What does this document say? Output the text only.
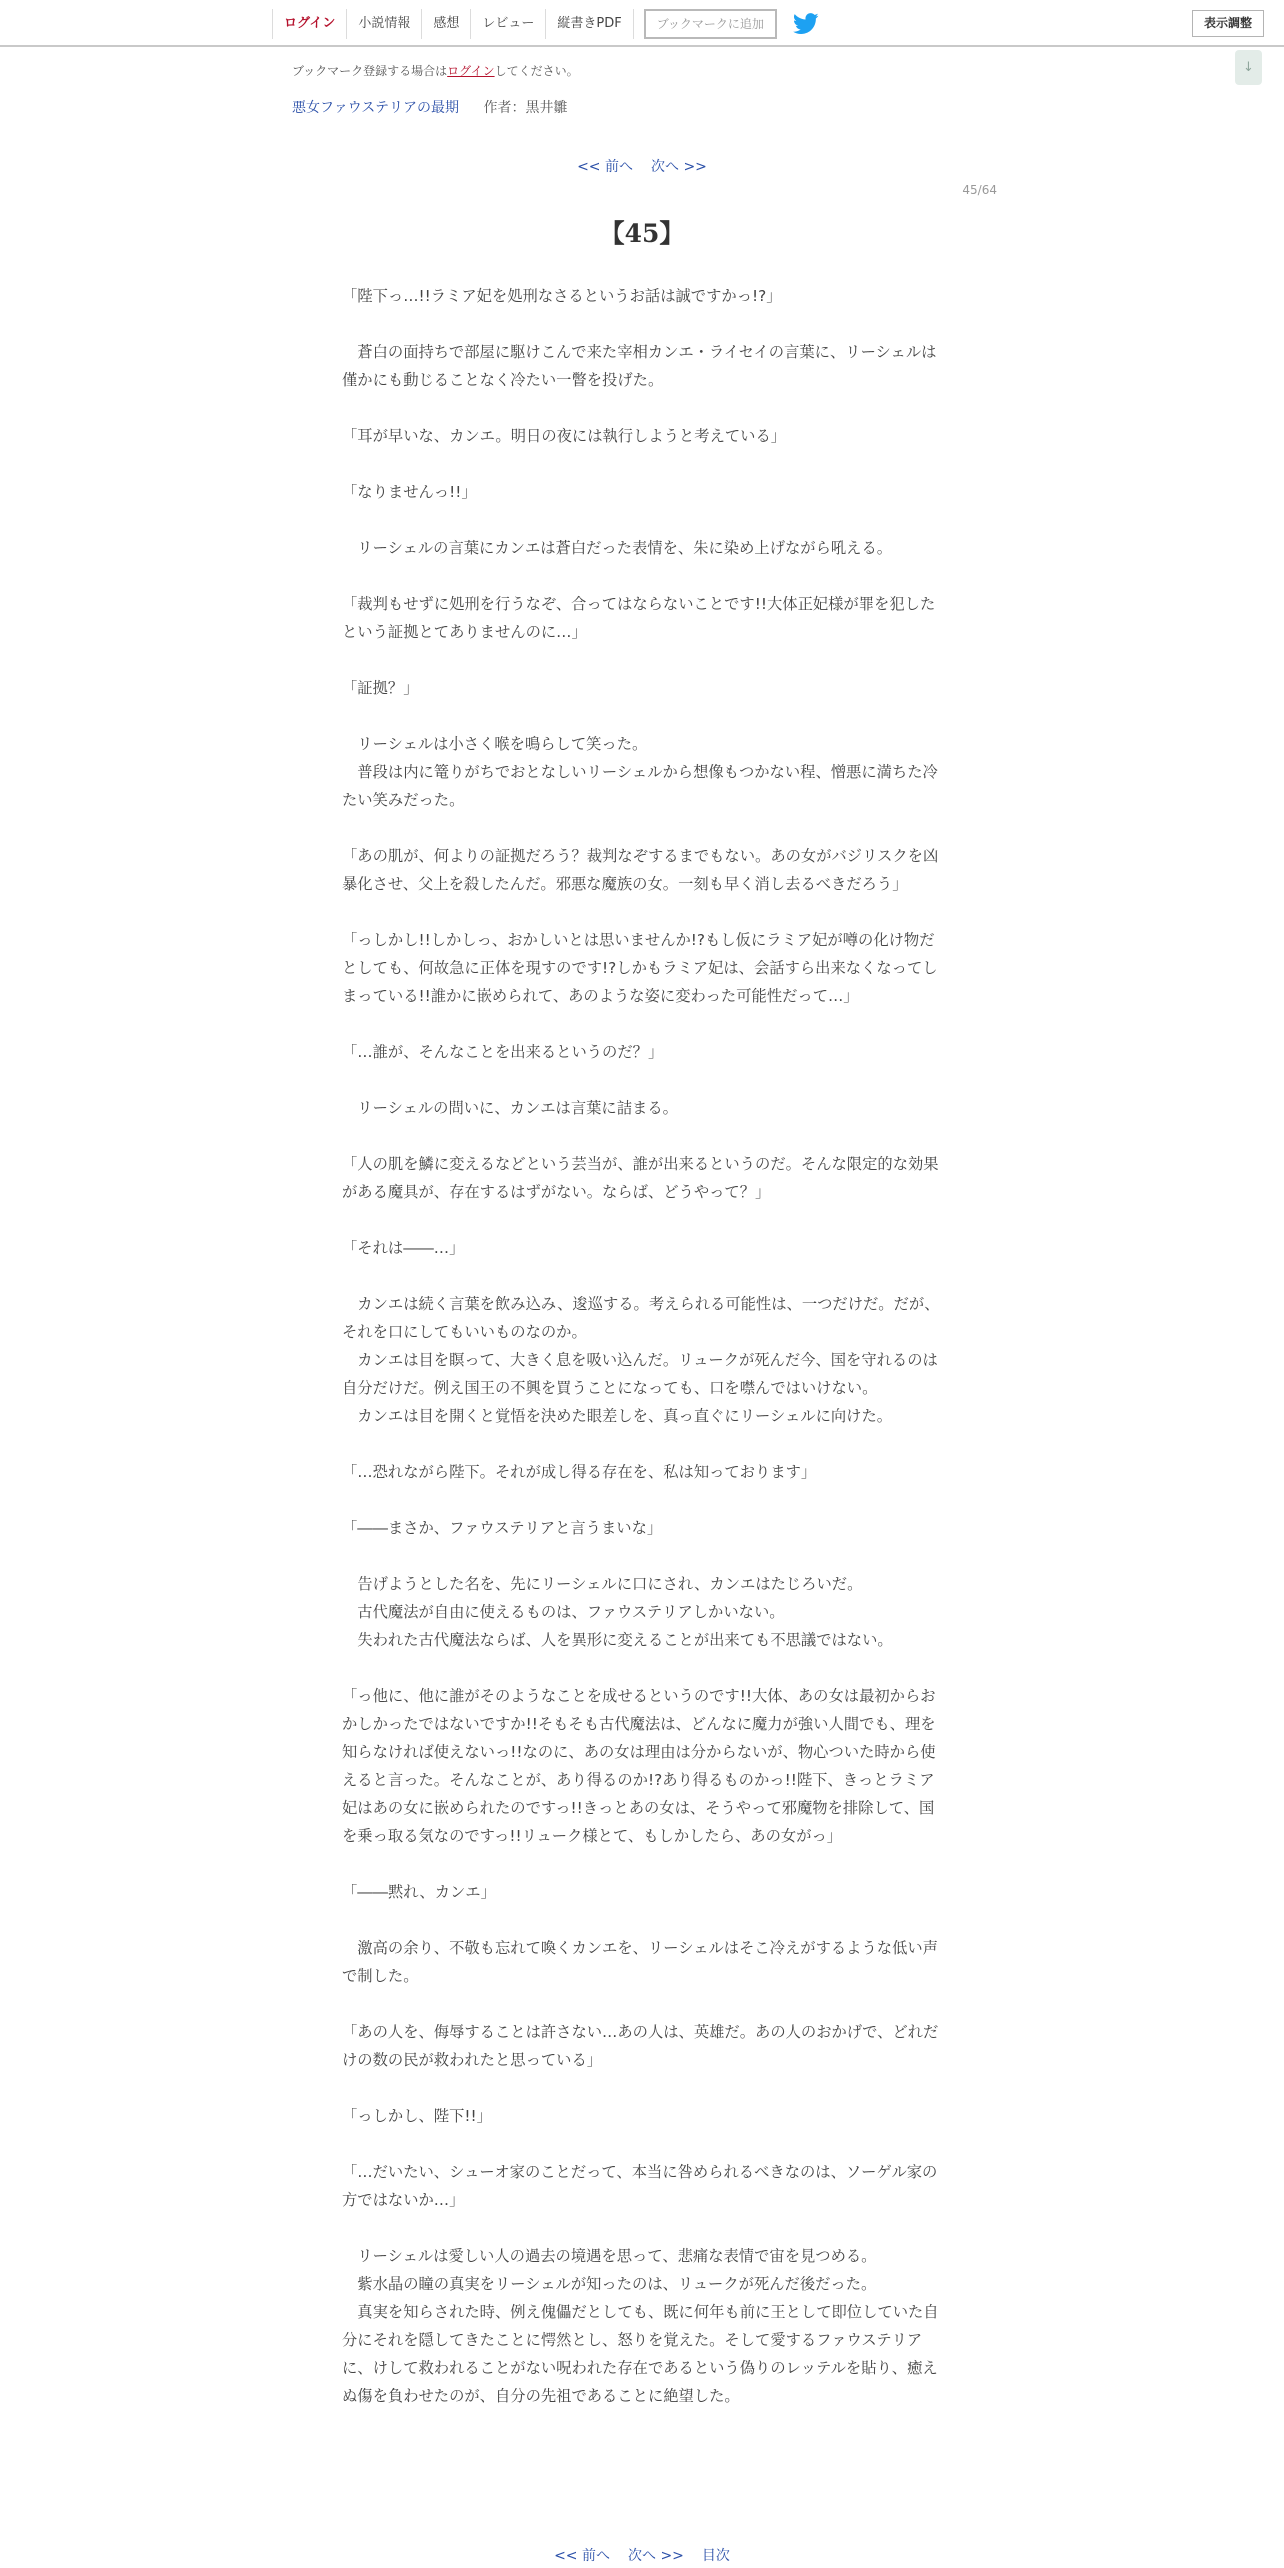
ログイン	小説情報	感想	レビュー	縦書きPDF	ブックマークに追加	表示調整
↓
ブックマーク登録する場合はログインしてください。
悪女ファウステリアの最期 作者：黒井雛
<< 前へ 次へ >>
45/64
【45】
「陛下っ…!!ラミア妃を処刑なさるというお話は誠ですかっ!?」
　蒼白の面持ちで部屋に駆けこんで来た宰相カンエ・ライセイの言葉に、リーシェルは僅かにも動じることなく冷たい一瞥を投げた。
「耳が早いな、カンエ。明日の夜には執行しようと考えている」
「なりませんっ!!」
　リーシェルの言葉にカンエは蒼白だった表情を、朱に染め上げながら吼える。
「裁判もせずに処刑を行うなぞ、合ってはならないことです!!大体正妃様が罪を犯したという証拠とてありませんのに…」
「証拠？」
　リーシェルは小さく喉を鳴らして笑った。
　普段は内に篭りがちでおとなしいリーシェルから想像もつかない程、憎悪に満ちた冷たい笑みだった。
「あの肌が、何よりの証拠だろう？裁判なぞするまでもない。あの女がバジリスクを凶暴化させ、父上を殺したんだ。邪悪な魔族の女。一刻も早く消し去るべきだろう」
「っしかし!!しかしっ、おかしいとは思いませんか!?もし仮にラミア妃が噂の化け物だとしても、何故急に正体を現すのです!?しかもラミア妃は、会話すら出来なくなってしまっている!!誰かに嵌められて、あのような姿に変わった可能性だって…」
「…誰が、そんなことを出来るというのだ？」
　リーシェルの問いに、カンエは言葉に詰まる。
「人の肌を鱗に変えるなどという芸当が、誰が出来るというのだ。そんな限定的な効果がある魔具が、存在するはずがない。ならば、どうやって？」
「それは――…」
　カンエは続く言葉を飲み込み、逡巡する。考えられる可能性は、一つだけだ。だが、それを口にしてもいいものなのか。
　カンエは目を瞑って、大きく息を吸い込んだ。リュークが死んだ今、国を守れるのは自分だけだ。例え国王の不興を買うことになっても、口を噤んではいけない。
　カンエは目を開くと覚悟を決めた眼差しを、真っ直ぐにリーシェルに向けた。
「…恐れながら陛下。それが成し得る存在を、私は知っております」
「――まさか、ファウステリアと言うまいな」
　告げようとした名を、先にリーシェルに口にされ、カンエはたじろいだ。
　古代魔法が自由に使えるものは、ファウステリアしかいない。
　失われた古代魔法ならば、人を異形に変えることが出来ても不思議ではない。
「っ他に、他に誰がそのようなことを成せるというのです!!大体、あの女は最初からおかしかったではないですか!!そもそも古代魔法は、どんなに魔力が強い人間でも、理を知らなければ使えないっ!!なのに、あの女は理由は分からないが、物心ついた時から使えると言った。そんなことが、あり得るのか!?あり得るものかっ!!陛下、きっとラミア妃はあの女に嵌められたのですっ!!きっとあの女は、そうやって邪魔物を排除して、国を乗っ取る気なのですっ!!リューク様とて、もしかしたら、あの女がっ」
「――黙れ、カンエ」
　激高の余り、不敬も忘れて喚くカンエを、リーシェルはそこ冷えがするような低い声で制した。
「あの人を、侮辱することは許さない…あの人は、英雄だ。あの人のおかげで、どれだけの数の民が救われたと思っている」
「っしかし、陛下!!」
「…だいたい、シューオ家のことだって、本当に咎められるべきなのは、ソーゲル家の方ではないか…」
　リーシェルは愛しい人の過去の境遇を思って、悲痛な表情で宙を見つめる。
　紫水晶の瞳の真実をリーシェルが知ったのは、リュークが死んだ後だった。
　真実を知らされた時、例え傀儡だとしても、既に何年も前に王として即位していた自分にそれを隠してきたことに愕然とし、怒りを覚えた。そして愛するファウステリアに、けして救われることがない呪われた存在であるという偽りのレッテルを貼り、癒えぬ傷を負わせたのが、自分の先祖であることに絶望した。
<< 前へ 次へ >> 目次
